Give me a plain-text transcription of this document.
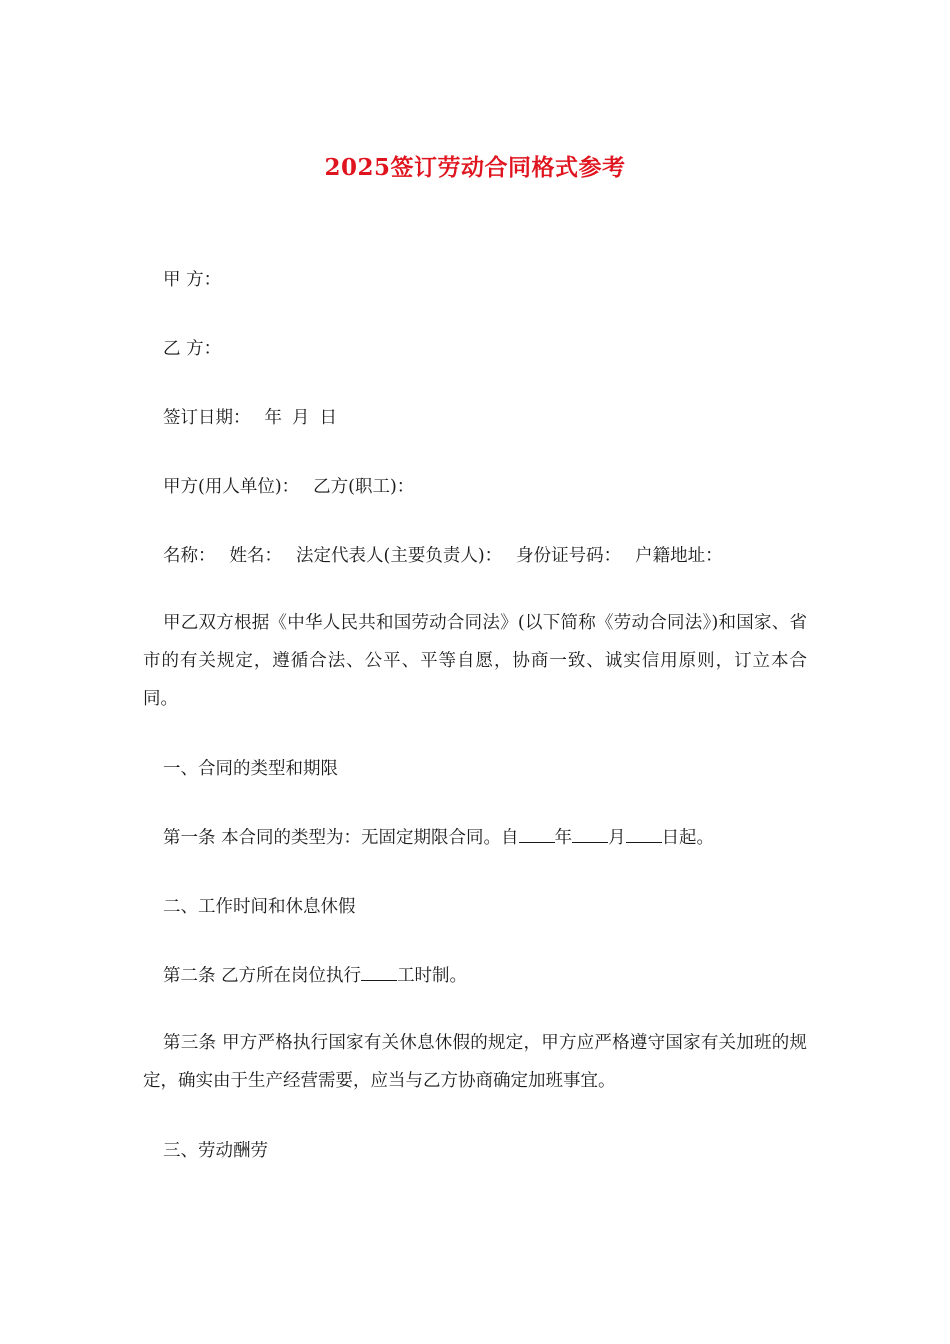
2025签订劳动合同格式参考

甲 方：

乙 方：

签订日期： 年 月 日

甲方(用人单位)： 乙方(职工)：

名称： 姓名： 法定代表人(主要负责人)： 身份证号码： 户籍地址：

甲乙双方根据《中华人民共和国劳动合同法》(以下简称《劳动合同法》)和国家、省市的有关规定，遵循合法、公平、平等自愿，协商一致、诚实信用原则，订立本合同。

一、合同的类型和期限

第一条 本合同的类型为：无固定期限合同。自 年 月 日起。

二、工作时间和休息休假

第二条 乙方所在岗位执行 工时制。

第三条 甲方严格执行国家有关休息休假的规定，甲方应严格遵守国家有关加班的规定，确实由于生产经营需要，应当与乙方协商确定加班事宜。

三、劳动酬劳
